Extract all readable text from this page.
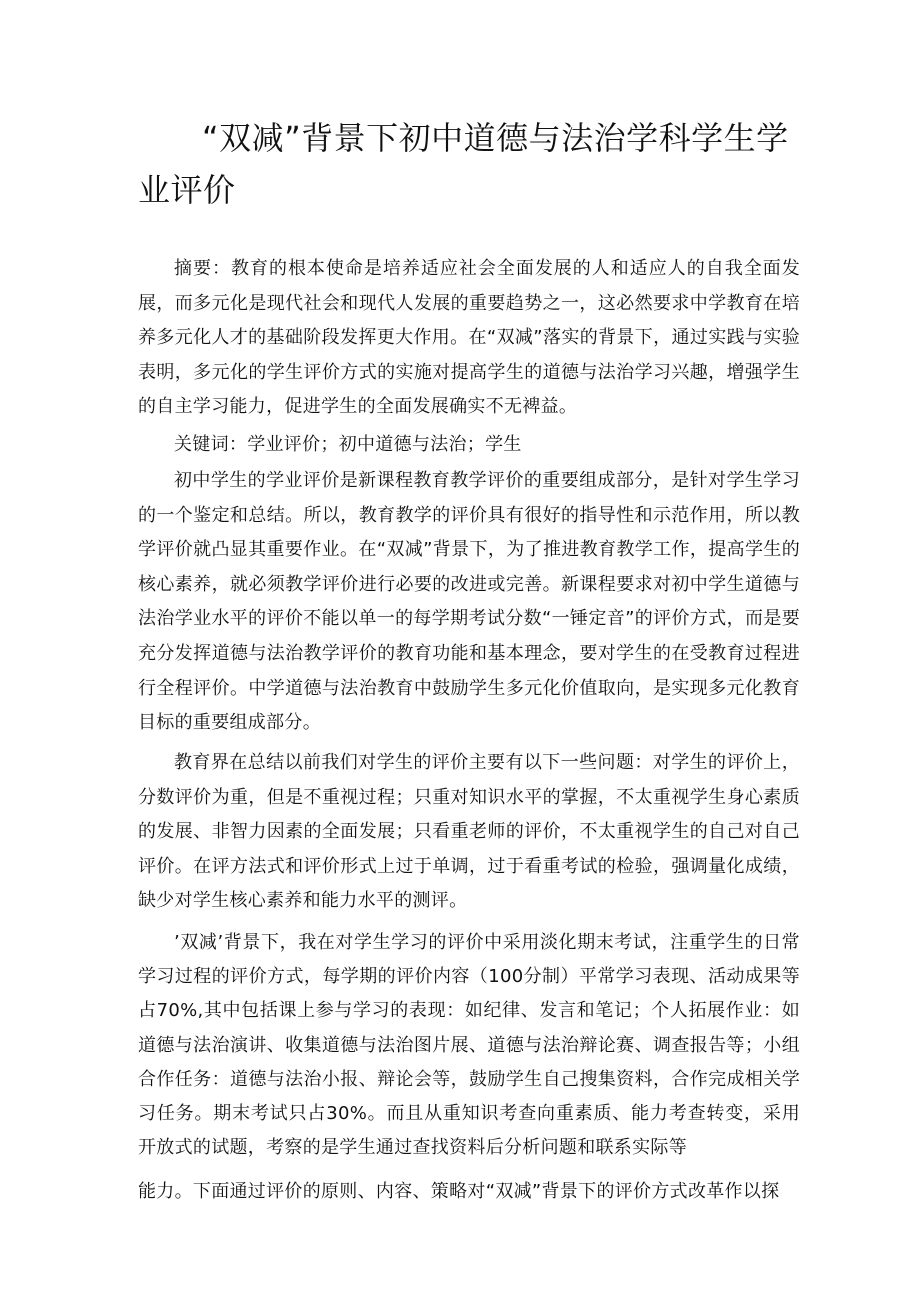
“双减”背景下初中道德与法治学科学生学业评价

摘要：教育的根本使命是培养适应社会全面发展的人和适应人的自我全面发展，而多元化是现代社会和现代人发展的重要趋势之一，这必然要求中学教育在培养多元化人才的基础阶段发挥更大作用。在“双减”落实的背景下，通过实践与实验表明，多元化的学生评价方式的实施对提高学生的道德与法治学习兴趣，增强学生的自主学习能力，促进学生的全面发展确实不无裨益。

关键词：学业评价；初中道德与法治；学生

初中学生的学业评价是新课程教育教学评价的重要组成部分，是针对学生学习的一个鉴定和总结。所以，教育教学的评价具有很好的指导性和示范作用，所以教学评价就凸显其重要作业。在“双减”背景下，为了推进教育教学工作，提高学生的核心素养，就必须教学评价进行必要的改进或完善。新课程要求对初中学生道德与法治学业水平的评价不能以单一的每学期考试分数“一锤定音”的评价方式，而是要充分发挥道德与法治教学评价的教育功能和基本理念，要对学生的在受教育过程进行全程评价。中学道德与法治教育中鼓励学生多元化价值取向，是实现多元化教育目标的重要组成部分。

教育界在总结以前我们对学生的评价主要有以下一些问题：对学生的评价上，分数评价为重，但是不重视过程；只重对知识水平的掌握，不太重视学生身心素质的发展、非智力因素的全面发展；只看重老师的评价，不太重视学生的自己对自己评价。在评方法式和评价形式上过于单调，过于看重考试的检验，强调量化成绩，缺少对学生核心素养和能力水平的测评。

’双减’背景下，我在对学生学习的评价中采用淡化期末考试，注重学生的日常学习过程的评价方式，每学期的评价内容（100分制）平常学习表现、活动成果等占70%,其中包括课上参与学习的表现：如纪律、发言和笔记；个人拓展作业：如道德与法治演讲、收集道德与法治图片展、道德与法治辩论赛、调查报告等；小组合作任务：道德与法治小报、辩论会等，鼓励学生自己搜集资料，合作完成相关学习任务。期末考试只占30%。而且从重知识考查向重素质、能力考查转变，采用开放式的试题，考察的是学生通过查找资料后分析问题和联系实际等

能力。下面通过评价的原则、内容、策略对“双减”背景下的评价方式改革作以探
